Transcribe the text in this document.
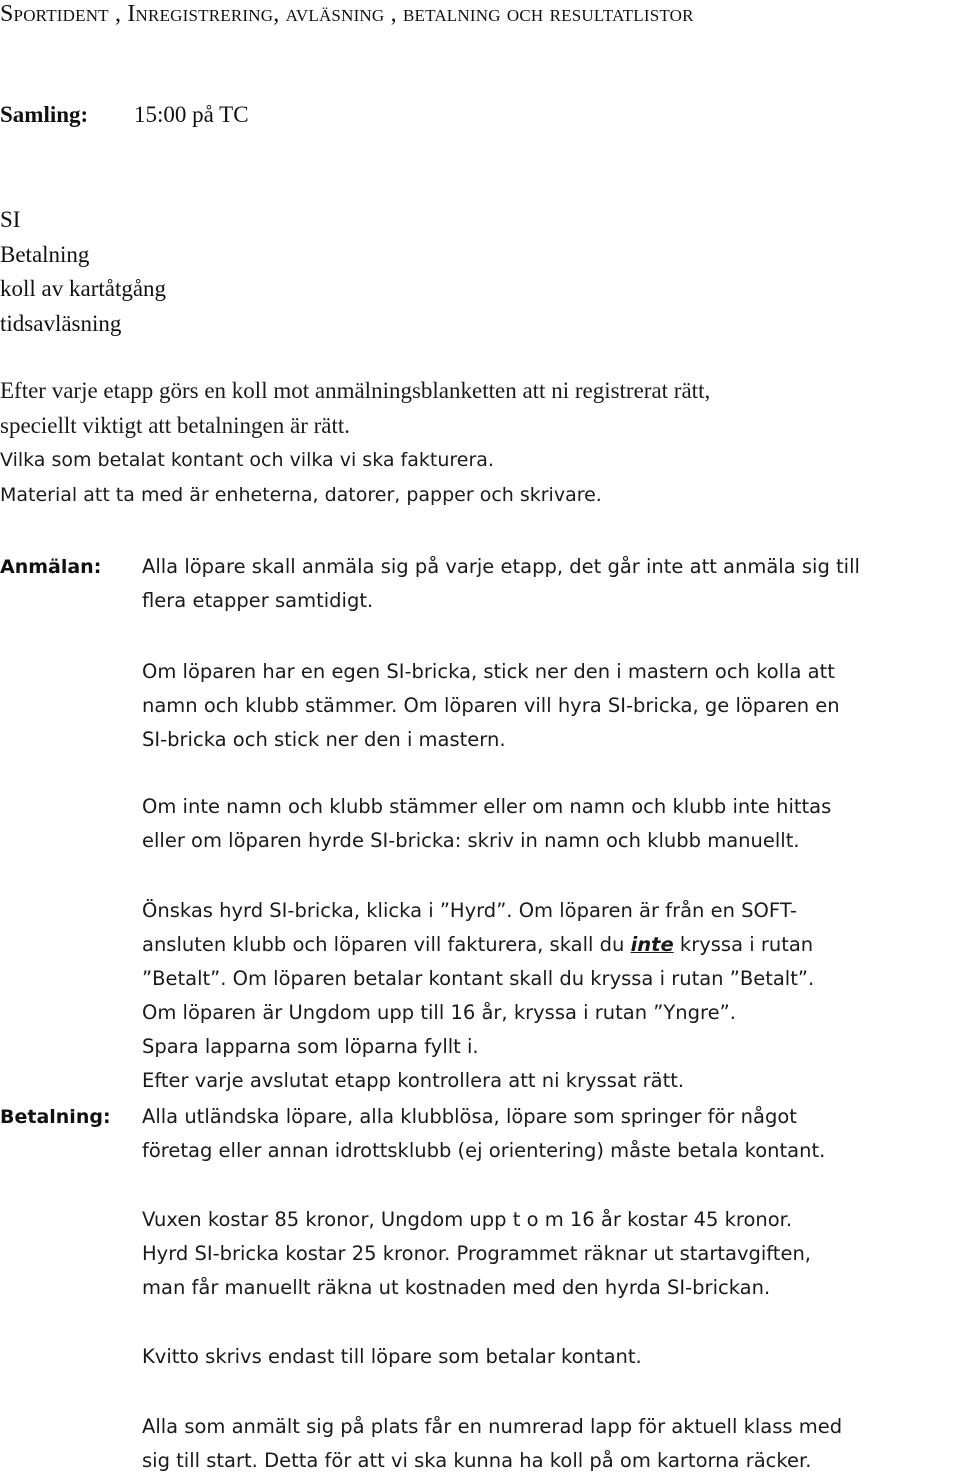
Sportident , Inregistrering, avläsning , betalning och resultatlistor
Samling: 15:00 på TC
SI
Betalning
koll av kartåtgång
tidsavläsning
Efter varje etapp görs en koll mot anmälningsblanketten att ni registrerat rätt,
speciellt viktigt att betalningen är rätt.
Vilka som betalat kontant och vilka vi ska fakturera.
Material att ta med är enheterna, datorer, papper och skrivare.
Anmälan: Alla löpare skall anmäla sig på varje etapp, det går inte att anmäla sig till
flera etapper samtidigt.
Om löparen har en egen SI-bricka, stick ner den i mastern och kolla att
namn och klubb stämmer. Om löparen vill hyra SI-bricka, ge löparen en
SI-bricka och stick ner den i mastern.
Om inte namn och klubb stämmer eller om namn och klubb inte hittas
eller om löparen hyrde SI-bricka: skriv in namn och klubb manuellt.
Önskas hyrd SI-bricka, klicka i ”Hyrd”. Om löparen är från en SOFT-
ansluten klubb och löparen vill fakturera, skall du inte kryssa i rutan
”Betalt”. Om löparen betalar kontant skall du kryssa i rutan ”Betalt”.
Om löparen är Ungdom upp till 16 år, kryssa i rutan ”Yngre”.
Spara lapparna som löparna fyllt i.
Efter varje avslutat etapp kontrollera att ni kryssat rätt.
Betalning: Alla utländska löpare, alla klubblösa, löpare som springer för något
företag eller annan idrottsklubb (ej orientering) måste betala kontant.
Vuxen kostar 85 kronor, Ungdom upp t o m 16 år kostar 45 kronor.
Hyrd SI-bricka kostar 25 kronor. Programmet räknar ut startavgiften,
man får manuellt räkna ut kostnaden med den hyrda SI-brickan.
Kvitto skrivs endast till löpare som betalar kontant.
Alla som anmält sig på plats får en numrerad lapp för aktuell klass med
sig till start. Detta för att vi ska kunna ha koll på om kartorna räcker.
